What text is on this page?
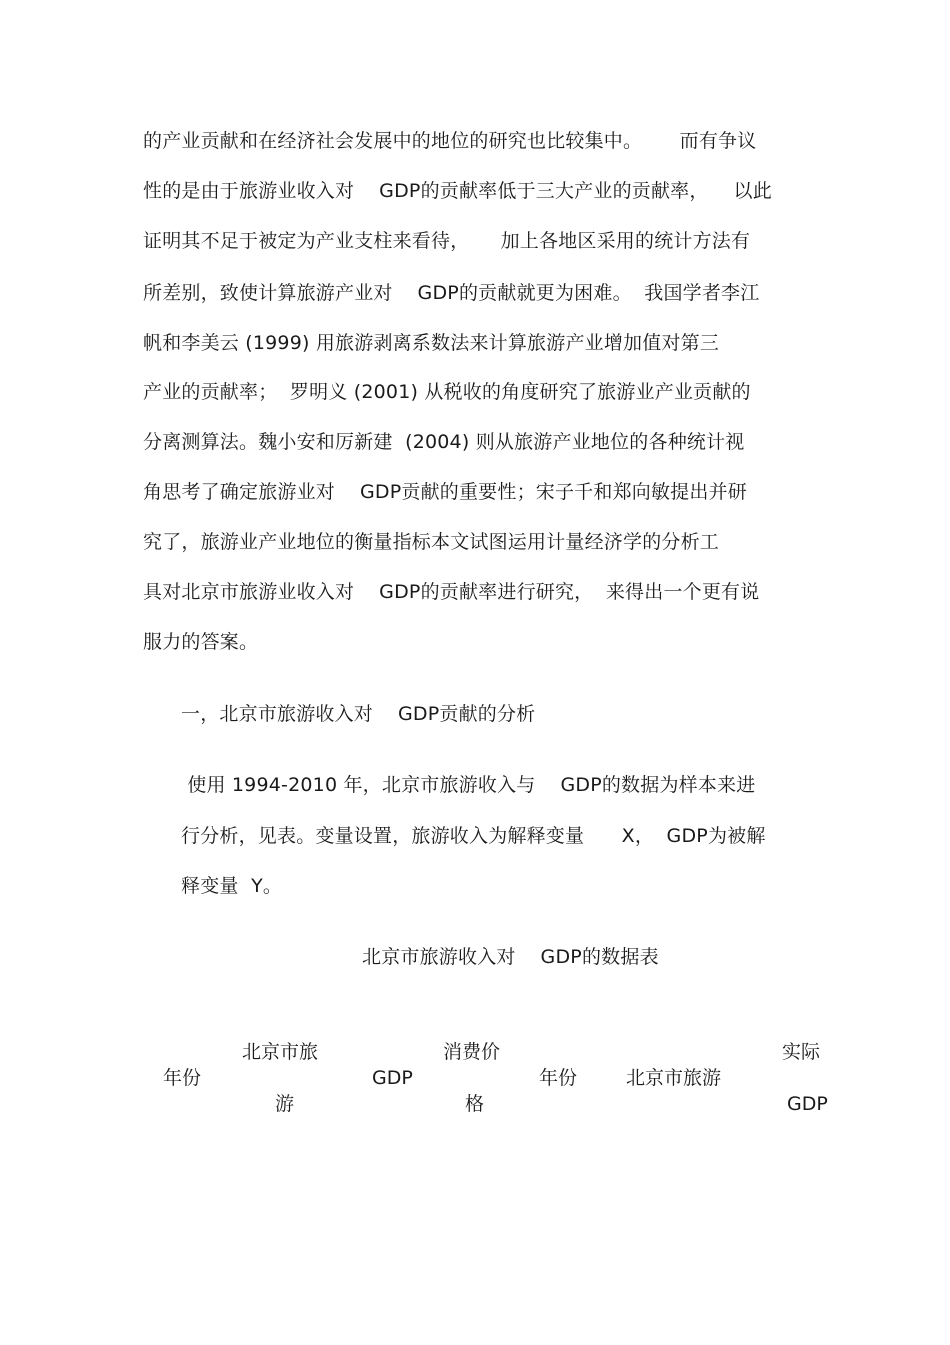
的产业贡献和在经济社会发展中的地位的研究也比较集中。      而有争议
性的是由于旅游业收入对    GDP的贡献率低于三大产业的贡献率，    以此
证明其不足于被定为产业支柱来看待，     加上各地区采用的统计方法有
所差别，致使计算旅游产业对    GDP的贡献就更为困难。  我国学者李江
帆和李美云 (1999) 用旅游剥离系数法来计算旅游产业增加值对第三
产业的贡献率；  罗明义 (2001) 从税收的角度研究了旅游业产业贡献的
分离测算法。魏小安和厉新建  (2004) 则从旅游产业地位的各种统计视
角思考了确定旅游业对    GDP贡献的重要性；宋子千和郑向敏提出并研
究了，旅游业产业地位的衡量指标本文试图运用计量经济学的分析工
具对北京市旅游业收入对    GDP的贡献率进行研究，  来得出一个更有说
服力的答案。
一，北京市旅游收入对    GDP贡献的分析
使用 1994-2010 年，北京市旅游收入与    GDP的数据为样本来进
行分析，见表。变量设置，旅游收入为解释变量      X，  GDP为被解
释变量  Y。
北京市旅游收入对    GDP的数据表
年份
北京市旅
游
GDP
消费价
格
年份	北京市旅游
实际
GDP
